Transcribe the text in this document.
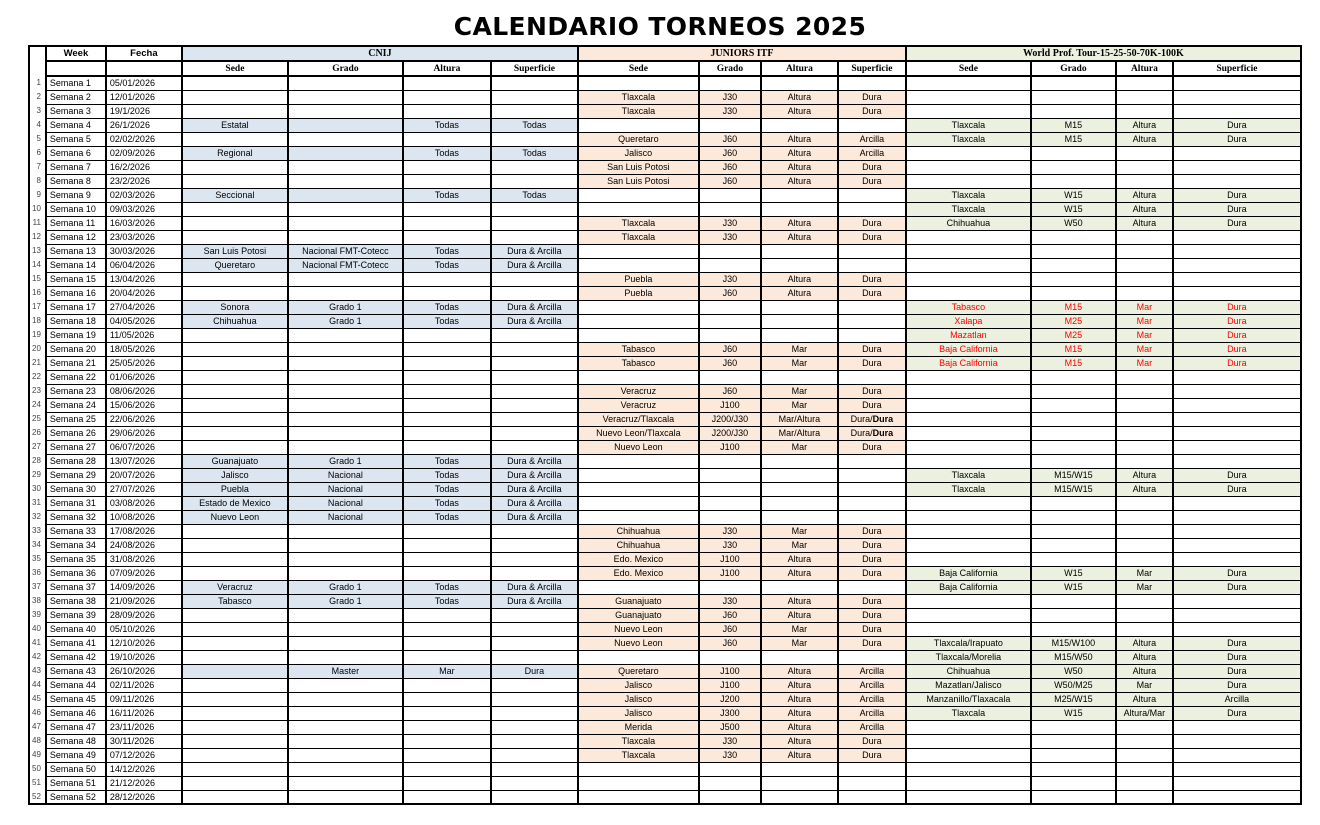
CALENDARIO TORNEOS 2025
	Week	Fecha	CNIJ				JUNIORS ITF				World Prof. Tour-15-25-50-70K-100K			
			Sede	Grado	Altura	Superficie	Sede	Grado	Altura	Superficie	Sede	Grado	Altura	Superficie
1	Semana 1	05/01/2026												
2	Semana 2	12/01/2026					Tlaxcala	J30	Altura	Dura				
3	Semana 3	19/1/2026					Tlaxcala	J30	Altura	Dura				
4	Semana 4	26/1/2026	Estatal		Todas	Todas					Tlaxcala	M15	Altura	Dura
5	Semana 5	02/02/2026					Queretaro	J60	Altura	Arcilla	Tlaxcala	M15	Altura	Dura
6	Semana 6	02/09/2026	Regional		Todas	Todas	Jalisco	J60	Altura	Arcilla				
7	Semana 7	16/2/2026					San Luis Potosi	J60	Altura	Dura				
8	Semana 8	23/2/2026					San Luis Potosi	J60	Altura	Dura				
9	Semana 9	02/03/2026	Seccional		Todas	Todas					Tlaxcala	W15	Altura	Dura
10	Semana 10	09/03/2026									Tlaxcala	W15	Altura	Dura
11	Semana 11	16/03/2026					Tlaxcala	J30	Altura	Dura	Chihuahua	W50	Altura	Dura
12	Semana 12	23/03/2026					Tlaxcala	J30	Altura	Dura				
13	Semana 13	30/03/2026	San Luis Potosi	Nacional FMT-Cotecc	Todas	Dura & Arcilla								
14	Semana 14	06/04/2026	Queretaro	Nacional FMT-Cotecc	Todas	Dura & Arcilla								
15	Semana 15	13/04/2026					Puebla	J30	Altura	Dura				
16	Semana 16	20/04/2026					Puebla	J60	Altura	Dura				
17	Semana 17	27/04/2026	Sonora	Grado 1	Todas	Dura & Arcilla					Tabasco	M15	Mar	Dura
18	Semana 18	04/05/2026	Chihuahua	Grado 1	Todas	Dura & Arcilla					Xalapa	M25	Mar	Dura
19	Semana 19	11/05/2026									Mazatlan	M25	Mar	Dura
20	Semana 20	18/05/2026					Tabasco	J60	Mar	Dura	Baja California	M15	Mar	Dura
21	Semana 21	25/05/2026					Tabasco	J60	Mar	Dura	Baja California	M15	Mar	Dura
22	Semana 22	01/06/2026												
23	Semana 23	08/06/2026					Veracruz	J60	Mar	Dura				
24	Semana 24	15/06/2026					Veracruz	J100	Mar	Dura				
25	Semana 25	22/06/2026					Veracruz/Tlaxcala	J200/J30	Mar/Altura	Dura/Dura				
26	Semana 26	29/06/2026					Nuevo Leon/Tlaxcala	J200/J30	Mar/Altura	Dura/Dura				
27	Semana 27	06/07/2026					Nuevo Leon	J100	Mar	Dura				
28	Semana 28	13/07/2026	Guanajuato	Grado 1	Todas	Dura & Arcilla								
29	Semana 29	20/07/2026	Jalisco	Nacional	Todas	Dura & Arcilla					Tlaxcala	M15/W15	Altura	Dura
30	Semana 30	27/07/2026	Puebla	Nacional	Todas	Dura & Arcilla					Tlaxcala	M15/W15	Altura	Dura
31	Semana 31	03/08/2026	Estado de Mexico	Nacional	Todas	Dura & Arcilla								
32	Semana 32	10/08/2026	Nuevo Leon	Nacional	Todas	Dura & Arcilla								
33	Semana 33	17/08/2026					Chihuahua	J30	Mar	Dura				
34	Semana 34	24/08/2026					Chihuahua	J30	Mar	Dura				
35	Semana 35	31/08/2026					Edo. Mexico	J100	Altura	Dura				
36	Semana 36	07/09/2026					Edo. Mexico	J100	Altura	Dura	Baja California	W15	Mar	Dura
37	Semana 37	14/09/2026	Veracruz	Grado 1	Todas	Dura & Arcilla					Baja California	W15	Mar	Dura
38	Semana 38	21/09/2026	Tabasco	Grado 1	Todas	Dura & Arcilla	Guanajuato	J30	Altura	Dura				
39	Semana 39	28/09/2026					Guanajuato	J60	Altura	Dura				
40	Semana 40	05/10/2026					Nuevo Leon	J60	Mar	Dura				
41	Semana 41	12/10/2026					Nuevo Leon	J60	Mar	Dura	Tlaxcala/Irapuato	M15/W100	Altura	Dura
42	Semana 42	19/10/2026									Tlaxcala/Morelia	M15/W50	Altura	Dura
43	Semana 43	26/10/2026		Master	Mar	Dura	Queretaro	J100	Altura	Arcilla	Chihuahua	W50	Altura	Dura
44	Semana 44	02/11/2026					Jalisco	J100	Altura	Arcilla	Mazatlan/Jalisco	W50/M25	Mar	Dura
45	Semana 45	09/11/2026					Jalisco	J200	Altura	Arcilla	Manzanillo/Tlaxacala	M25/W15	Altura	Arcilla
46	Semana 46	16/11/2026					Jalisco	J300	Altura	Arcilla	Tlaxcala	W15	Altura/Mar	Dura
47	Semana 47	23/11/2026					Merida	J500	Altura	Arcilla				
48	Semana 48	30/11/2026					Tlaxcala	J30	Altura	Dura				
49	Semana 49	07/12/2026					Tlaxcala	J30	Altura	Dura				
50	Semana 50	14/12/2026												
51	Semana 51	21/12/2026												
52	Semana 52	28/12/2026												
